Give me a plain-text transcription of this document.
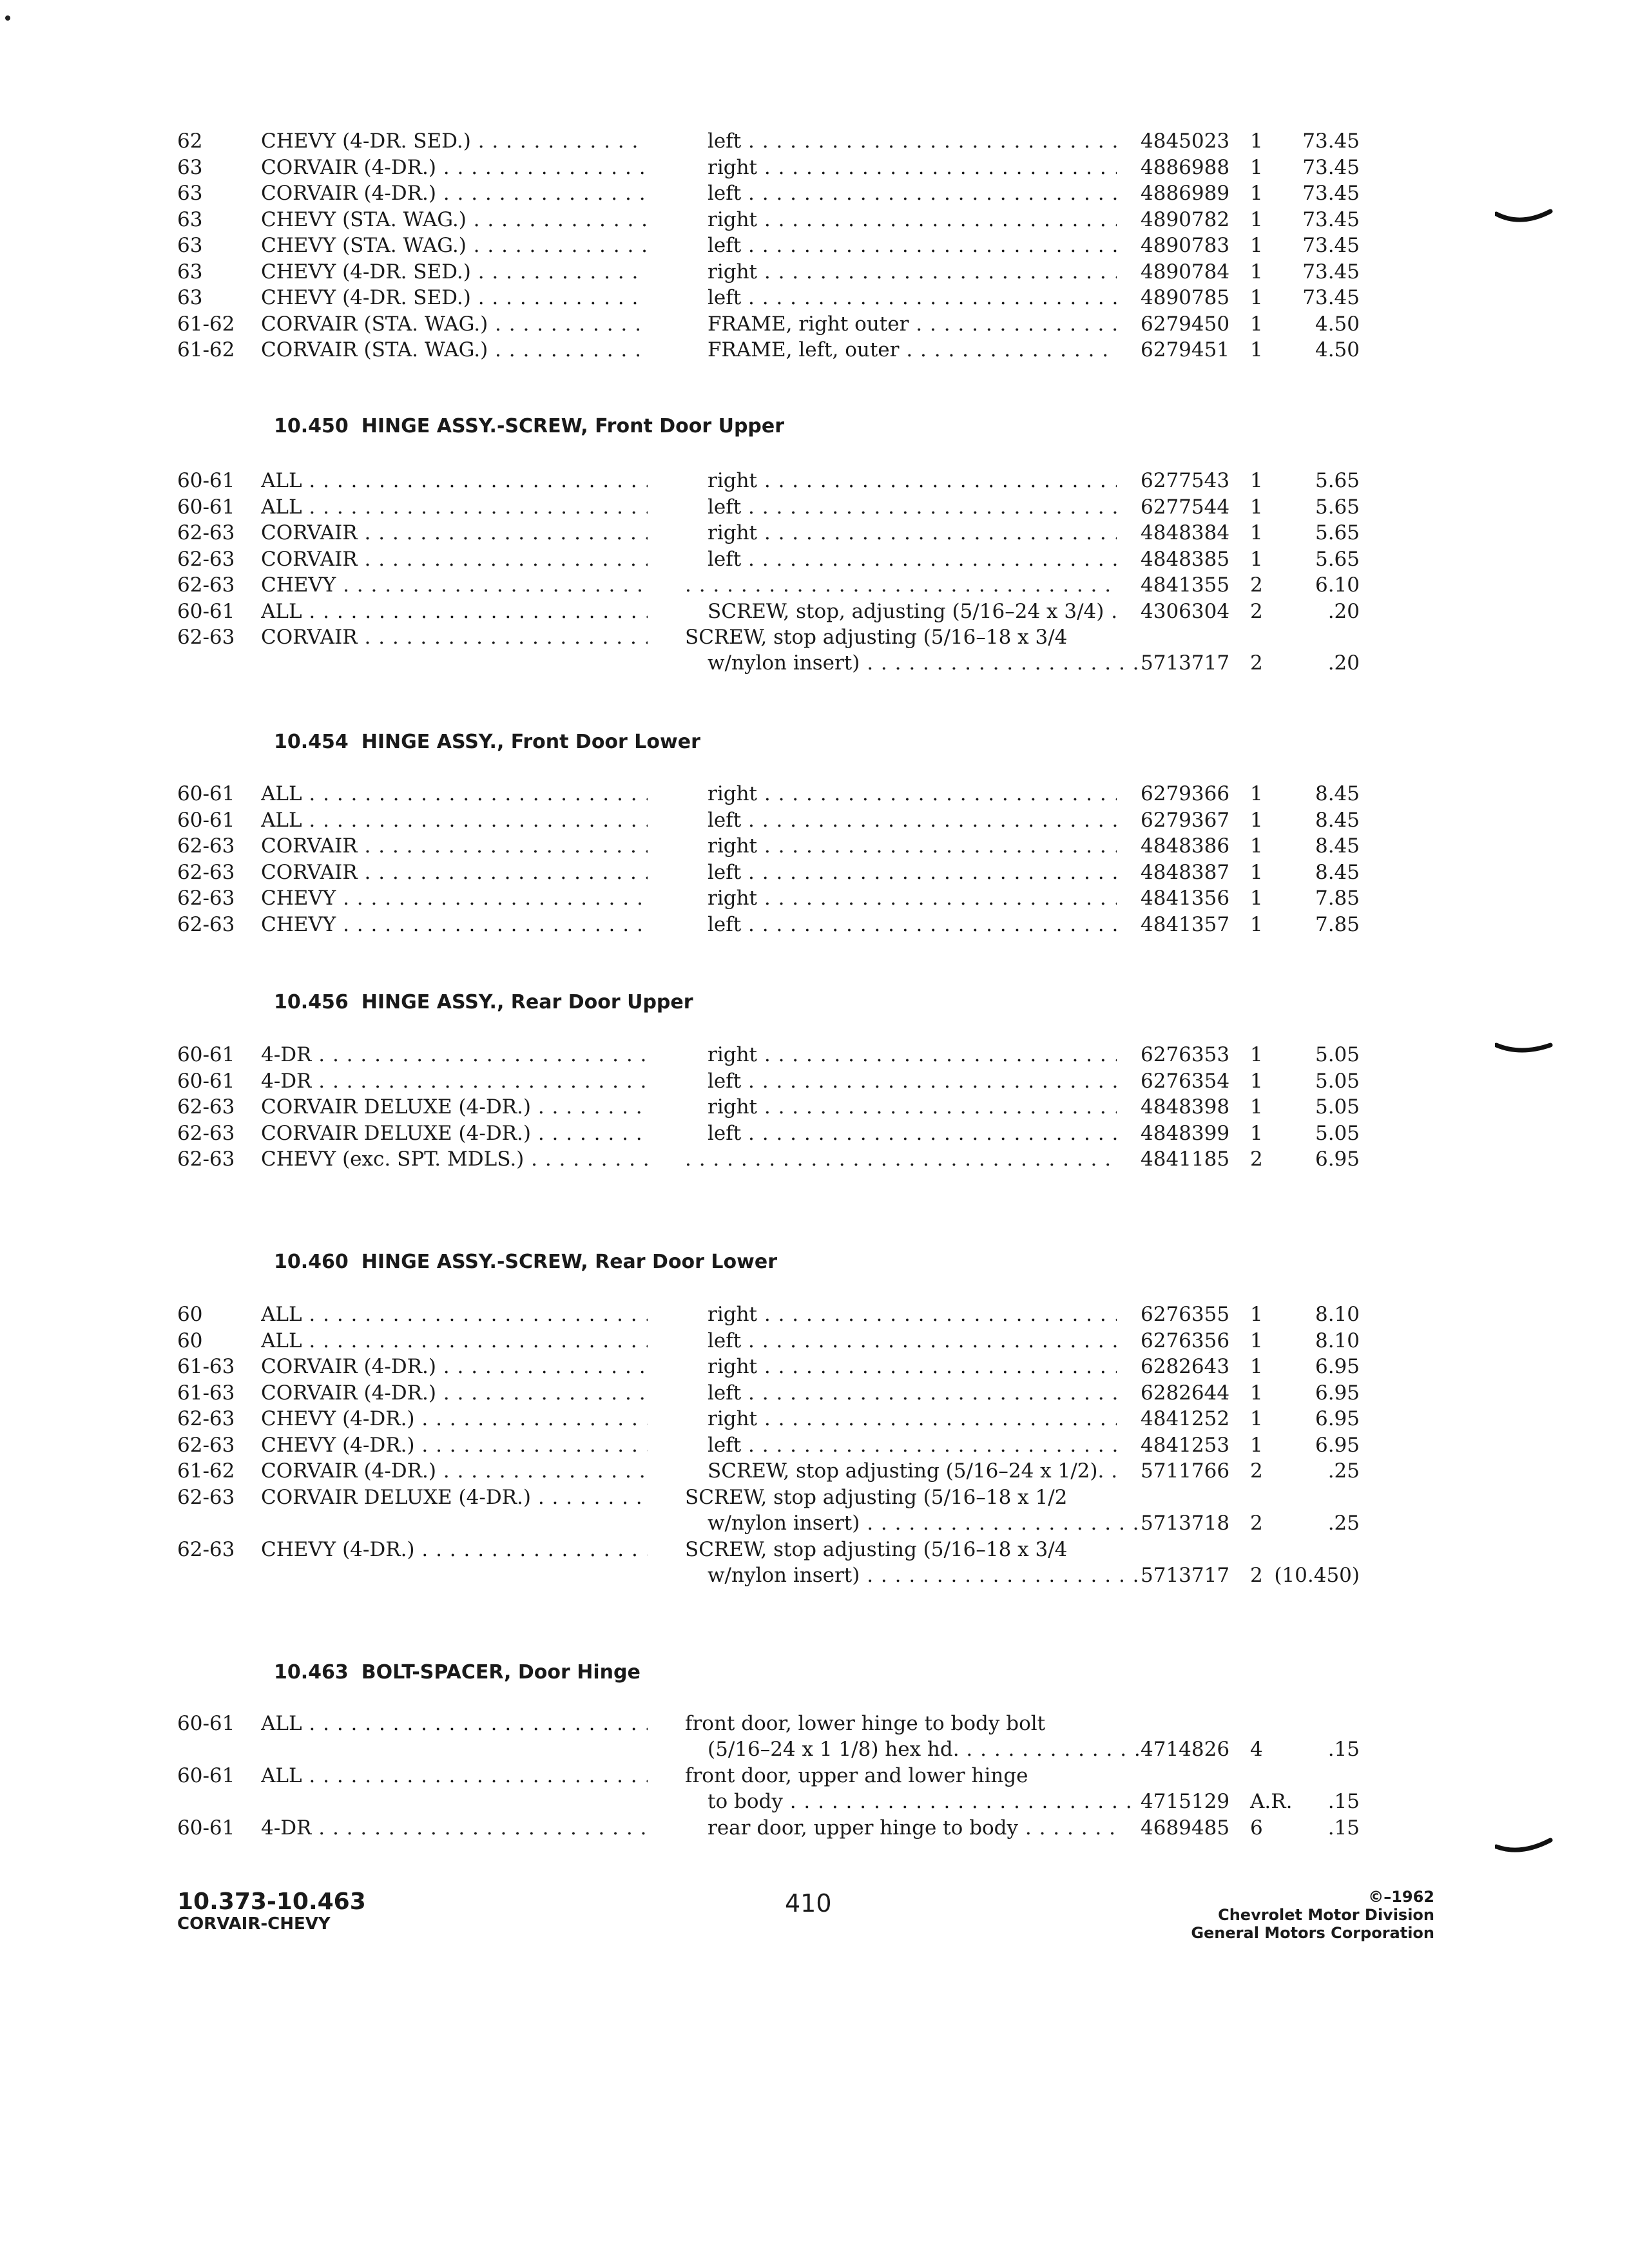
62	CHEVY (4-DR. SED.) . . .	left . . .	4845023 1 73.45
63	CORVAIR (4-DR.) . . .	right . . .	4886988 1 73.45
63	CORVAIR (4-DR.) . . .	left . . .	4886989 1 73.45
63	CHEVY (STA. WAG.) . . .	right . . .	4890782 1 73.45
63	CHEVY (STA. WAG.) . . .	left . . .	4890783 1 73.45
63	CHEVY (4-DR. SED.) . . .	right . . .	4890784 1 73.45
63	CHEVY (4-DR. SED.) . . .	left . . .	4890785 1 73.45
61-62 CORVAIR (STA. WAG.) . . .	FRAME, right outer . . .	6279450 1	4.50
61-62 CORVAIR (STA. WAG.) . . .	FRAME, left, outer . . .	6279451 1	4.50
10.450 HINGE ASSY.-SCREW, Front Door Upper
60-61 ALL . . .	right . . .	6277543 1	5.65
60-61 ALL . . .	left . . .	6277544 1	5.65
62-63 CORVAIR . . .	right . . .	4848384 1	5.65
62-63 CORVAIR . . .	left . . .	4848385 1	5.65
62-63 CHEVY . . . . . .	4841355 2	6.10
60-61 ALL . . .	SCREW, stop, adjusting (5/16–24 x 3/4) . . .	4306304 2	.20
62-63 CORVAIR . . .	SCREW, stop adjusting (5/16–18 x 3/4
w/nylon insert) . . .	5713717 2	.20
10.454 HINGE ASSY., Front Door Lower
60-61 ALL . . .	right . . .	6279366 1	8.45
60-61 ALL . . .	left . . .	6279367 1	8.45
62-63 CORVAIR . . .	right . . .	4848386 1	8.45
62-63 CORVAIR . . .	left . . .	4848387 1	8.45
62-63 CHEVY . . .	right . . .	4841356 1	7.85
62-63 CHEVY . . .	left . . .	4841357 1	7.85
10.456 HINGE ASSY., Rear Door Upper
60-61 4-DR . . .	right . . .	6276353 1	5.05
60-61 4-DR . . .	left . . .	6276354 1	5.05
62-63 CORVAIR DELUXE (4-DR.) . . .	right . . .	4848398 1	5.05
62-63 CORVAIR DELUXE (4-DR.) . . .	left . . .	4848399 1	5.05
62-63 CHEVY (exc. SPT. MDLS.) . . . . . .	4841185 2	6.95
10.460 HINGE ASSY.-SCREW, Rear Door Lower
60	ALL . . .	right . . .	6276355 1	8.10
60	ALL . . .	left . . .	6276356 1	8.10
61-63 CORVAIR (4-DR.) . . .	right . . .	6282643 1	6.95
61-63 CORVAIR (4-DR.) . . .	left . . .	6282644 1	6.95
62-63 CHEVY (4-DR.) . . .	right . . .	4841252 1	6.95
62-63 CHEVY (4-DR.) . . .	left . . .	4841253 1	6.95
61-62 CORVAIR (4-DR.) . . .	SCREW, stop adjusting (5/16–24 x 1/2). . . .	5711766 2	.25
62-63 CORVAIR DELUXE (4-DR.) . . .	SCREW, stop adjusting (5/16–18 x 1/2
w/nylon insert) . . .	5713718 2	.25
62-63 CHEVY (4-DR.) . . .	SCREW, stop adjusting (5/16–18 x 3/4
w/nylon insert) . . .	5713717 2 (10.450)
10.463 BOLT-SPACER, Door Hinge
60-61 ALL . . .	front door, lower hinge to body bolt
(5/16–24 x 1 1/8) hex hd. . . .	4714826 4	.15
60-61 ALL . . .	front door, upper and lower hinge
to body . . .	4715129 A.R. .15
60-61 4-DR . . .	rear door, upper hinge to body . . .	4689485 6	.15
10.373-10.463
CORVAIR-CHEVY
410	©–1962
Chevrolet Motor Division
General Motors Corporation
